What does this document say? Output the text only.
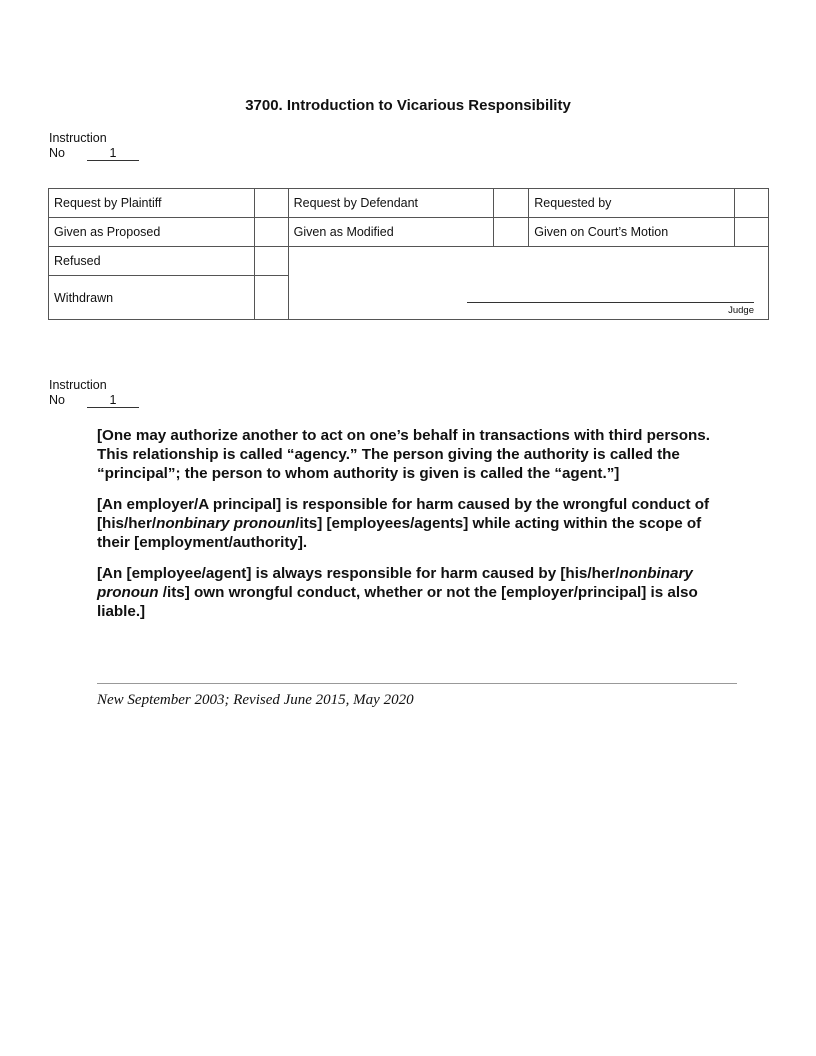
3700. Introduction to Vicarious Responsibility
Instruction
No	1
Request by Plaintiff		Request by Defendant		Requested by	
Given as Proposed		Given as Modified		Given on Court’s Motion	
Refused		Judge			

Withdrawn					
Instruction
No	1

[One may authorize another to act on one’s behalf in transactions with third persons. This relationship is called “agency.” The person giving the authority is called the “principal”; the person to whom authority is given is called the “agent.”]

[An employer/A principal] is responsible for harm caused by the wrongful conduct of [his/her/nonbinary pronoun/its] [employees/agents] while acting within the scope of their [employment/authority].

[An [employee/agent] is always responsible for harm caused by [his/her/nonbinary pronoun /its] own wrongful conduct, whether or not the [employer/principal] is also liable.]

New September 2003; Revised June 2015, May 2020
